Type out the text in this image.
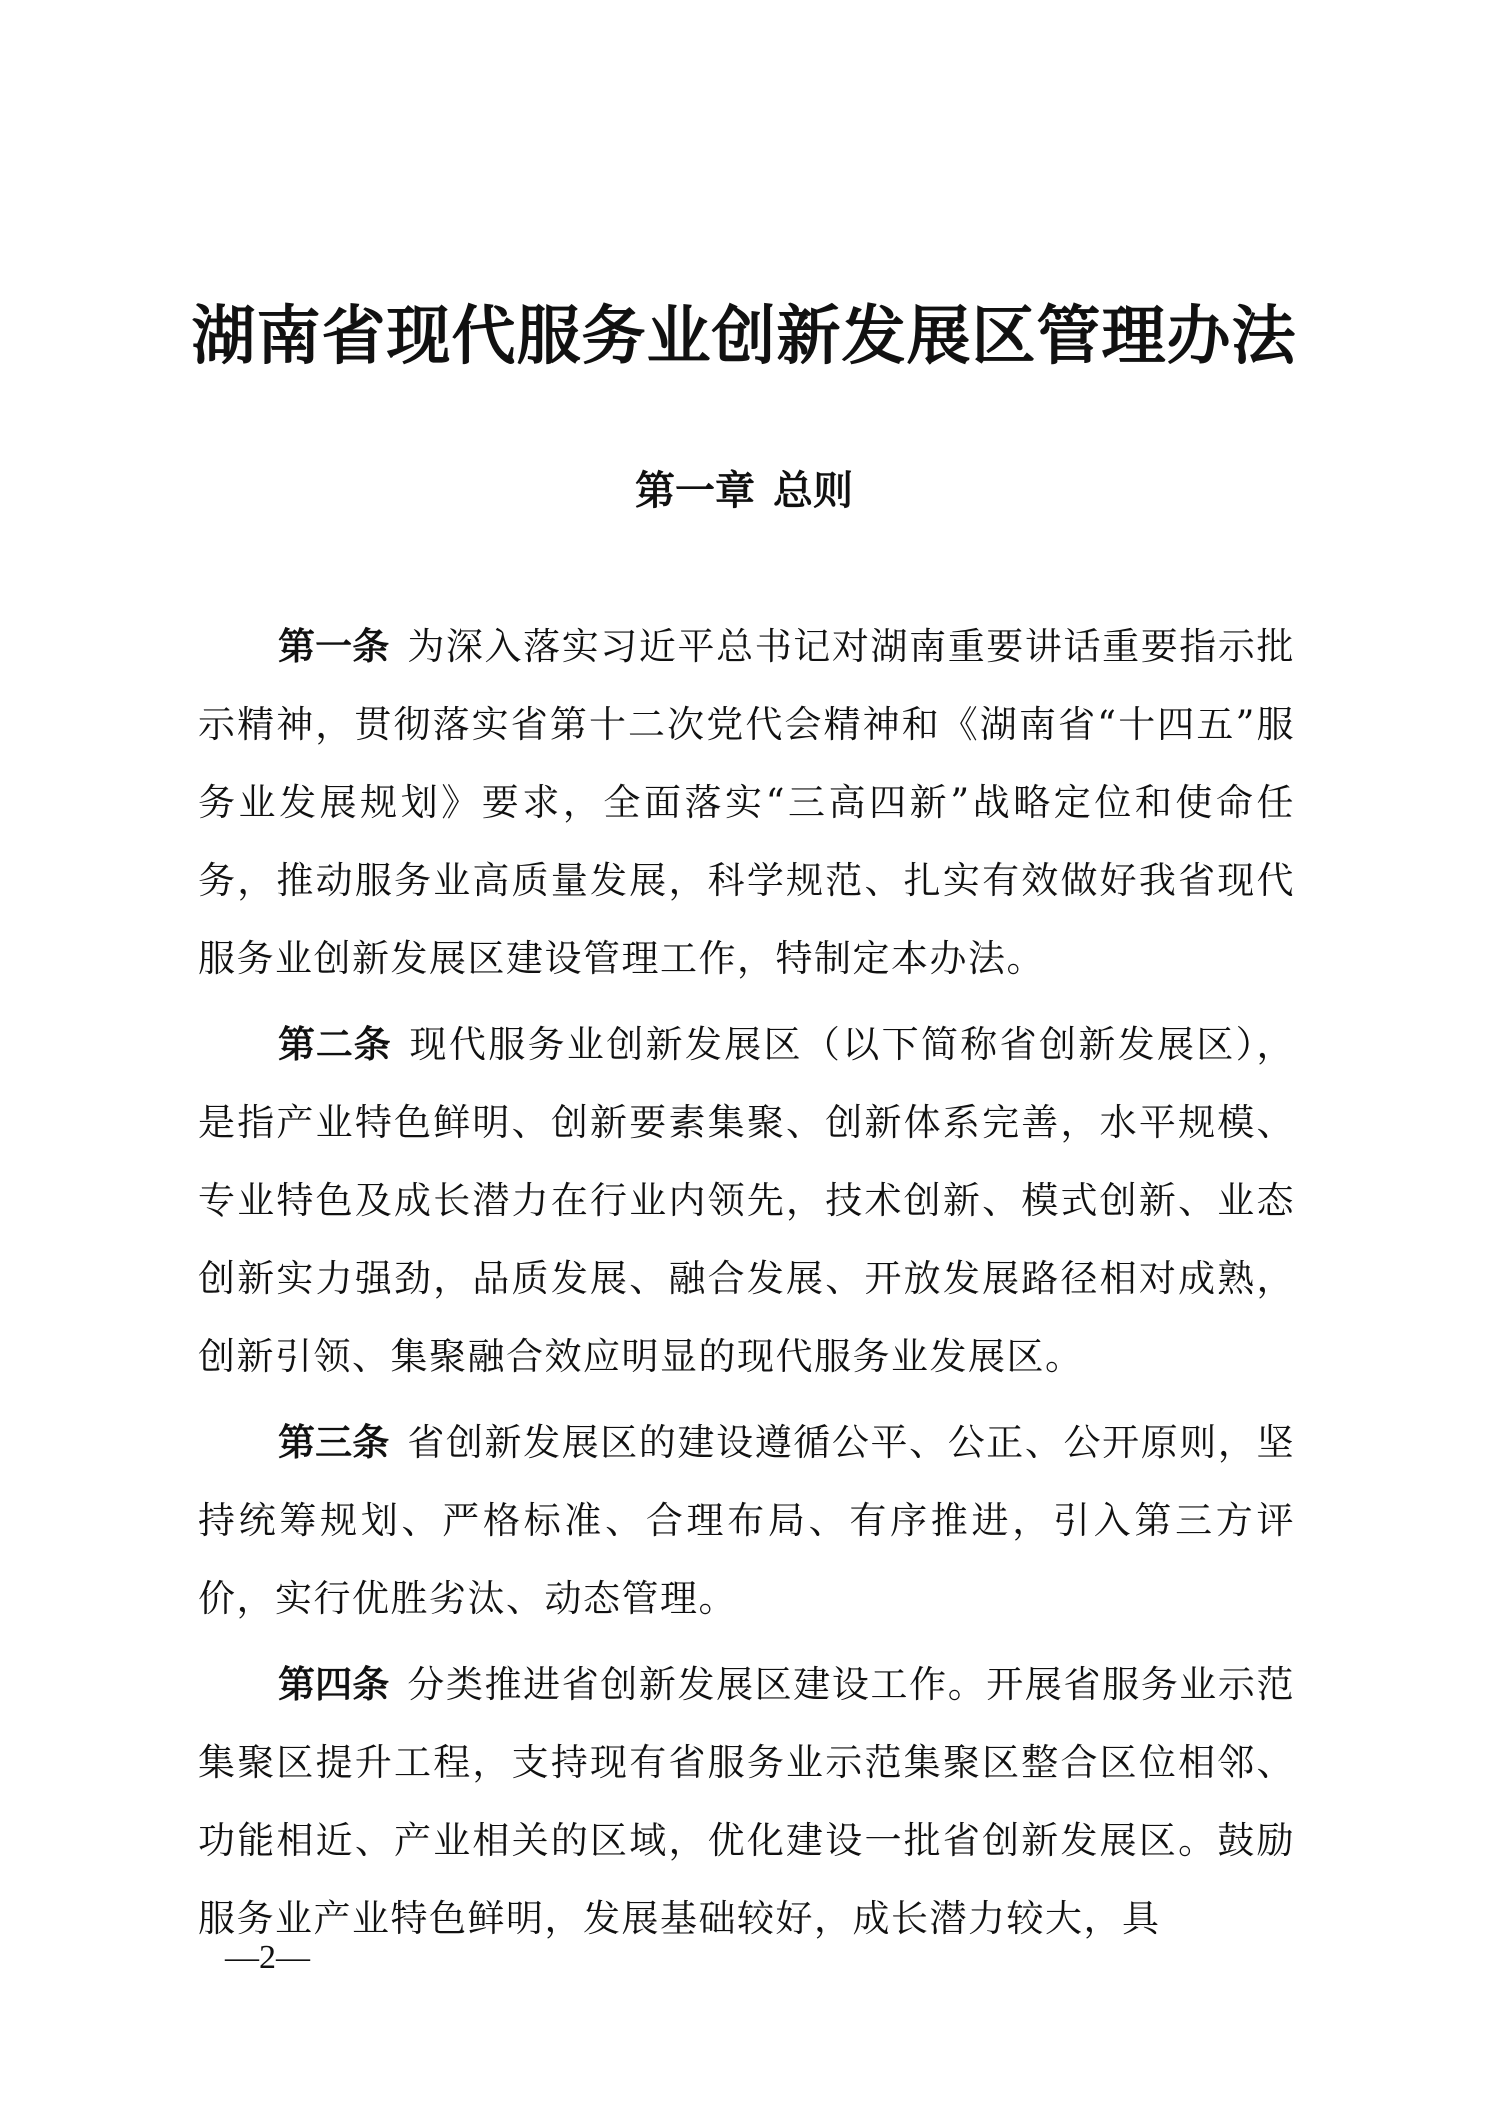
湖南省现代服务业创新发展区管理办法
第一章 总则

第一条 为深入落实习近平总书记对湖南重要讲话重要指示批示精神，贯彻落实省第十二次党代会精神和《湖南省“十四五”服务业发展规划》要求，全面落实“三高四新”战略定位和使命任务，推动服务业高质量发展，科学规范、扎实有效做好我省现代服务业创新发展区建设管理工作，特制定本办法。

第二条 现代服务业创新发展区（以下简称省创新发展区），是指产业特色鲜明、创新要素集聚、创新体系完善，水平规模、专业特色及成长潜力在行业内领先，技术创新、模式创新、业态创新实力强劲，品质发展、融合发展、开放发展路径相对成熟，创新引领、集聚融合效应明显的现代服务业发展区。

第三条 省创新发展区的建设遵循公平、公正、公开原则，坚持统筹规划、严格标准、合理布局、有序推进，引入第三方评价，实行优胜劣汰、动态管理。

第四条 分类推进省创新发展区建设工作。开展省服务业示范集聚区提升工程，支持现有省服务业示范集聚区整合区位相邻、功能相近、产业相关的区域，优化建设一批省创新发展区。鼓励服务业产业特色鲜明，发展基础较好，成长潜力较大，具

—2—
